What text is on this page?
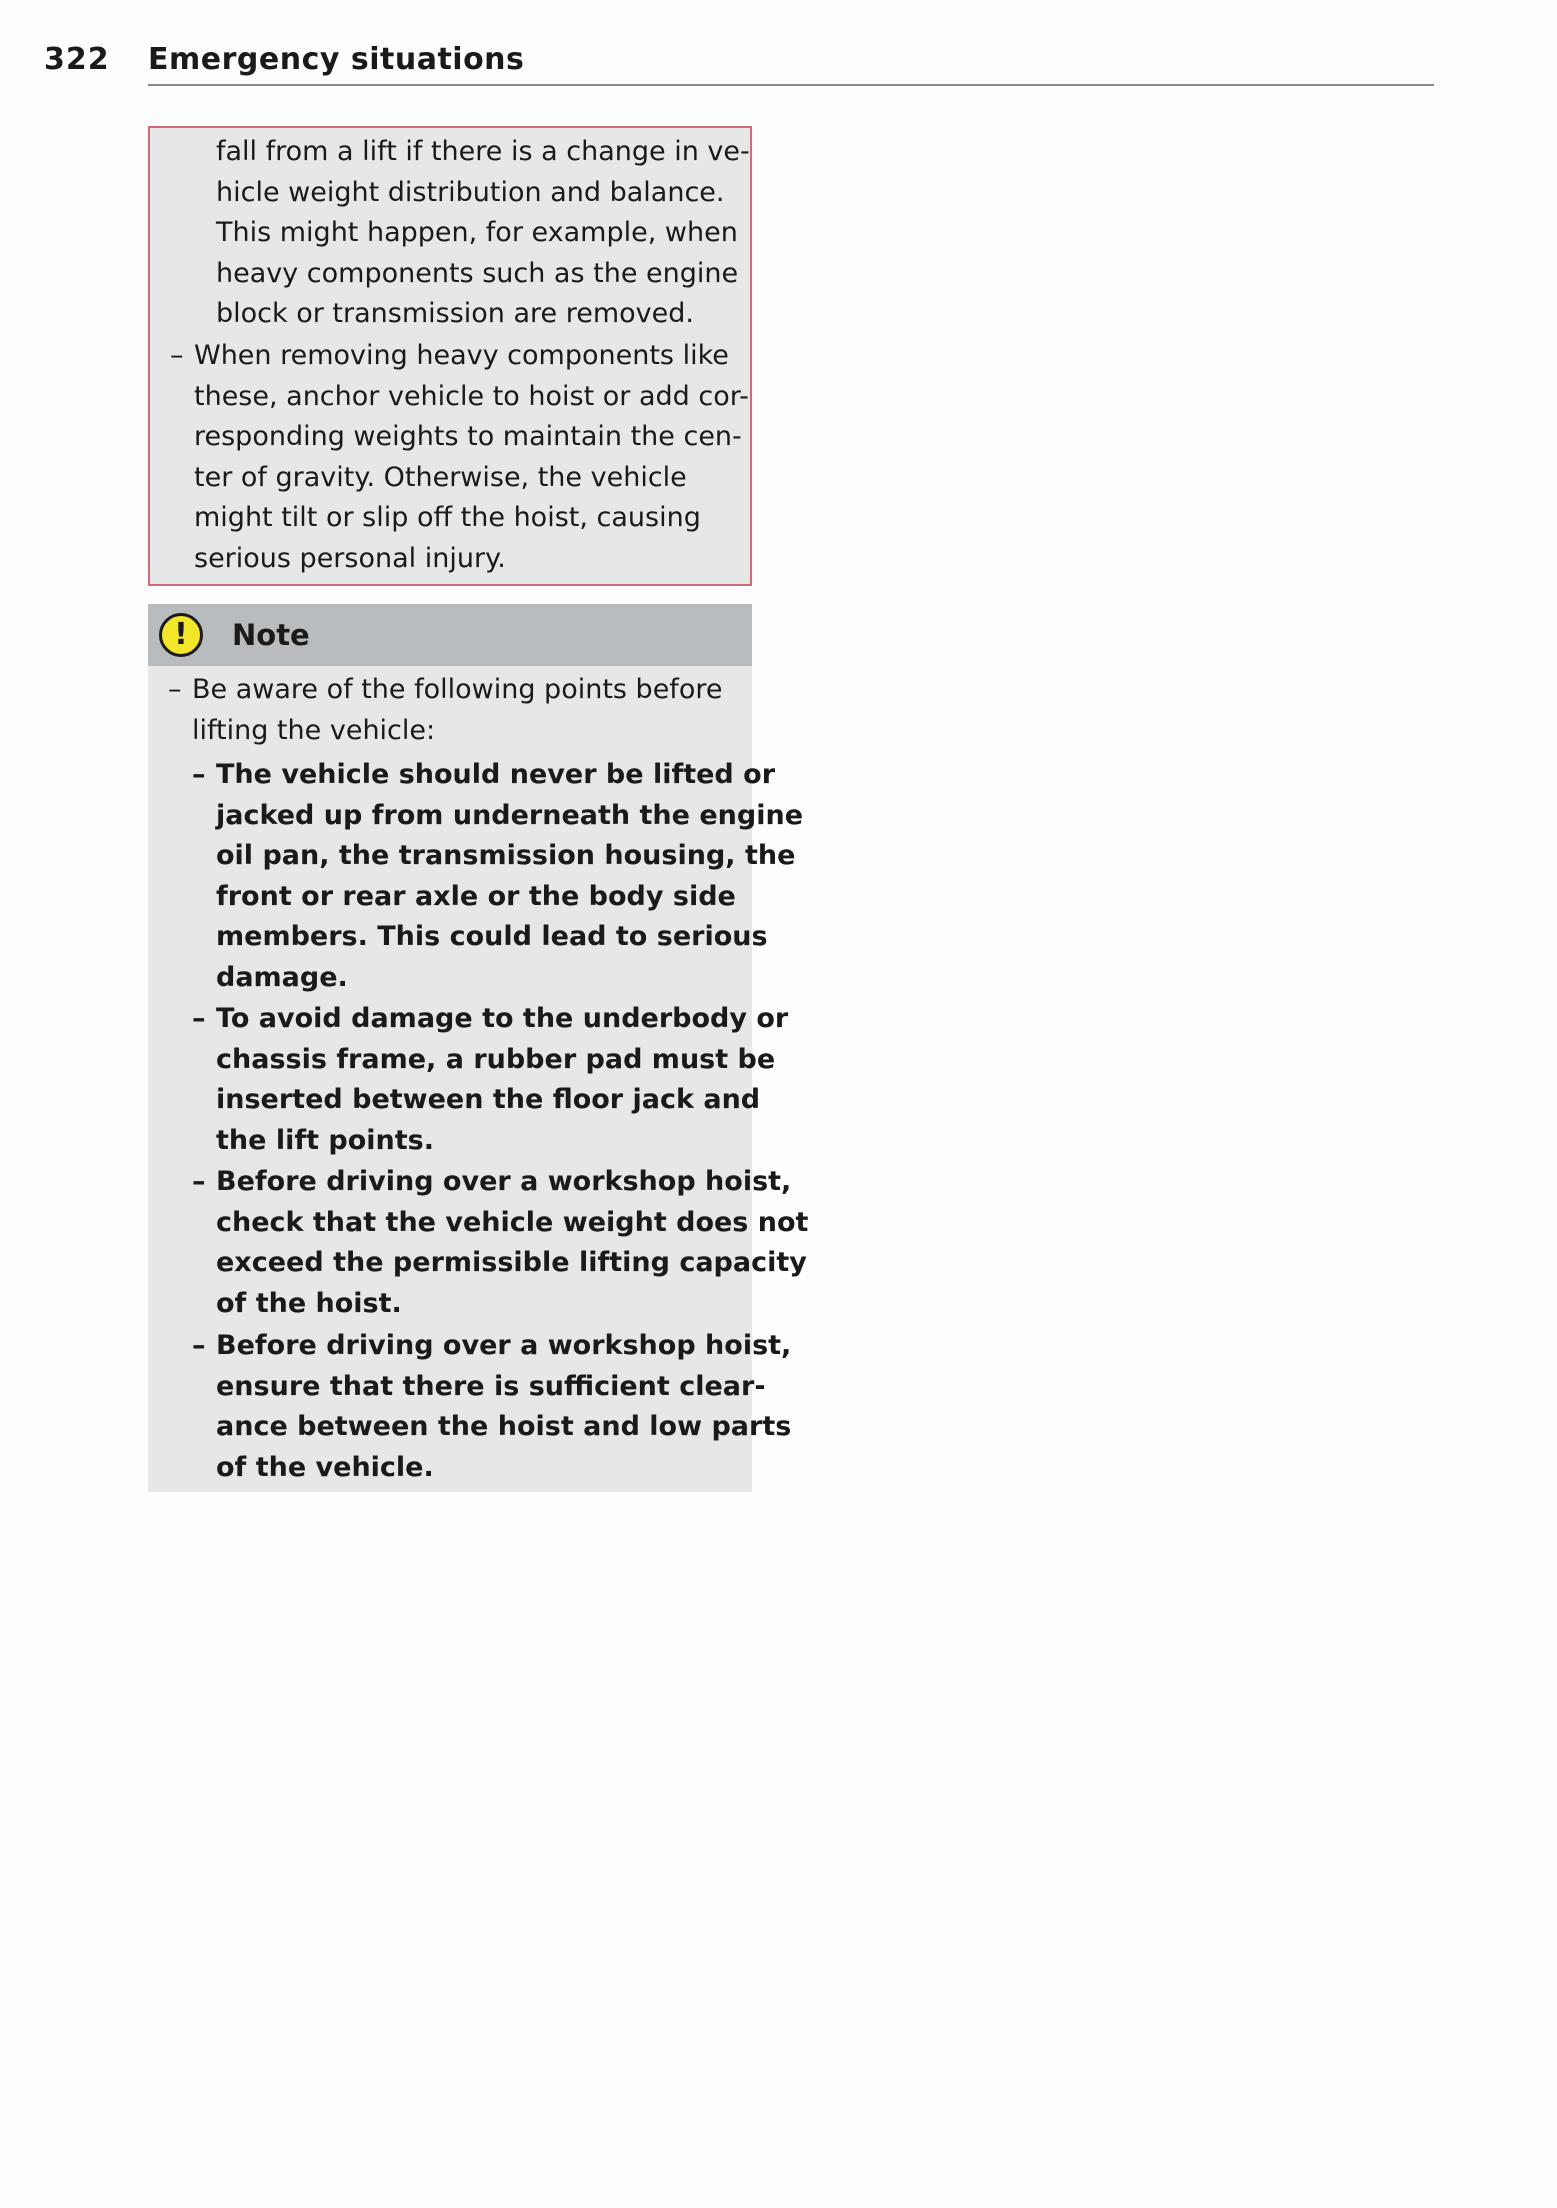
322 Emergency situations
fall from a lift if there is a change in ve-
hicle weight distribution and balance.
This might happen, for example, when
heavy components such as the engine
block or transmission are removed.
– When removing heavy components like
these, anchor vehicle to hoist or add cor-
responding weights to maintain the cen-
ter of gravity. Otherwise, the vehicle
might tilt or slip off the hoist, causing
serious personal injury.
!	Note
– Be aware of the following points before
lifting the vehicle:
– The vehicle should never be lifted or
jacked up from underneath the engine
oil pan, the transmission housing, the
front or rear axle or the body side
members. This could lead to serious
damage.
– To avoid damage to the underbody or
chassis frame, a rubber pad must be
inserted between the floor jack and
the lift points.
– Before driving over a workshop hoist,
check that the vehicle weight does not
exceed the permissible lifting capacity
of the hoist.
– Before driving over a workshop hoist,
ensure that there is sufficient clear-
ance between the hoist and low parts
of the vehicle.
